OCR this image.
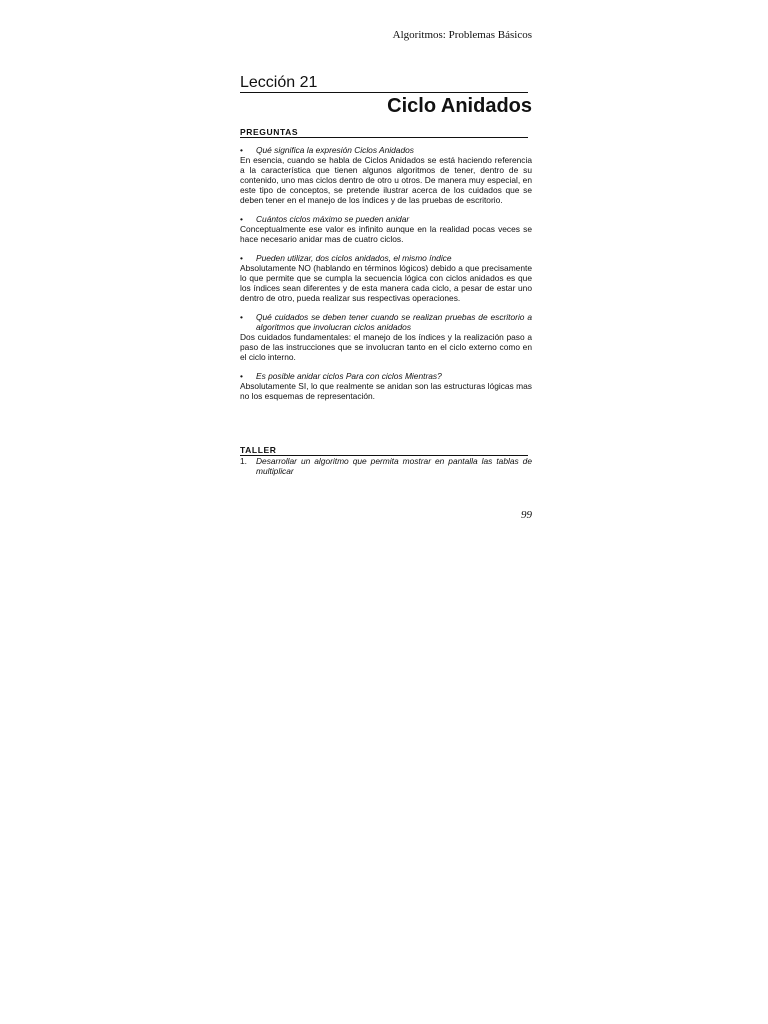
Algoritmos: Problemas Básicos
Lección 21
Ciclo Anidados
PREGUNTAS
•	Qué significa la expresión Ciclos Anidados
En esencia, cuando se habla de Ciclos Anidados se está haciendo referencia a la característica que tienen algunos algoritmos de tener, dentro de su contenido, uno mas ciclos dentro de otro u otros. De manera muy especial, en este tipo de conceptos, se pretende ilustrar acerca de los cuidados que se deben tener en el manejo de los índices y de las pruebas de escritorio.
•	Cuántos ciclos máximo se pueden anidar
Conceptualmente ese valor es infinito aunque en la realidad pocas veces se hace necesario anidar mas de cuatro ciclos.
•	Pueden utilizar, dos ciclos anidados, el mismo índice
Absolutamente NO (hablando en términos lógicos) debido a que precisamente lo que permite que se cumpla la secuencia lógica con ciclos anidados es que los índices sean diferentes y de esta manera cada ciclo, a pesar de estar uno dentro de otro, pueda realizar sus respectivas operaciones.
•	Qué cuidados se deben tener cuando se realizan pruebas de escritorio a algoritmos que involucran ciclos anidados
Dos cuidados fundamentales: el manejo de los índices y la realización paso a paso de las instrucciones que se involucran tanto en el ciclo externo como en el ciclo interno.
•	Es posible anidar ciclos Para con ciclos Mientras?
Absolutamente SI, lo que realmente se anidan son las estructuras lógicas mas no los esquemas de representación.
TALLER
1.	Desarrollar un algoritmo que permita mostrar en pantalla las tablas de multiplicar
99
